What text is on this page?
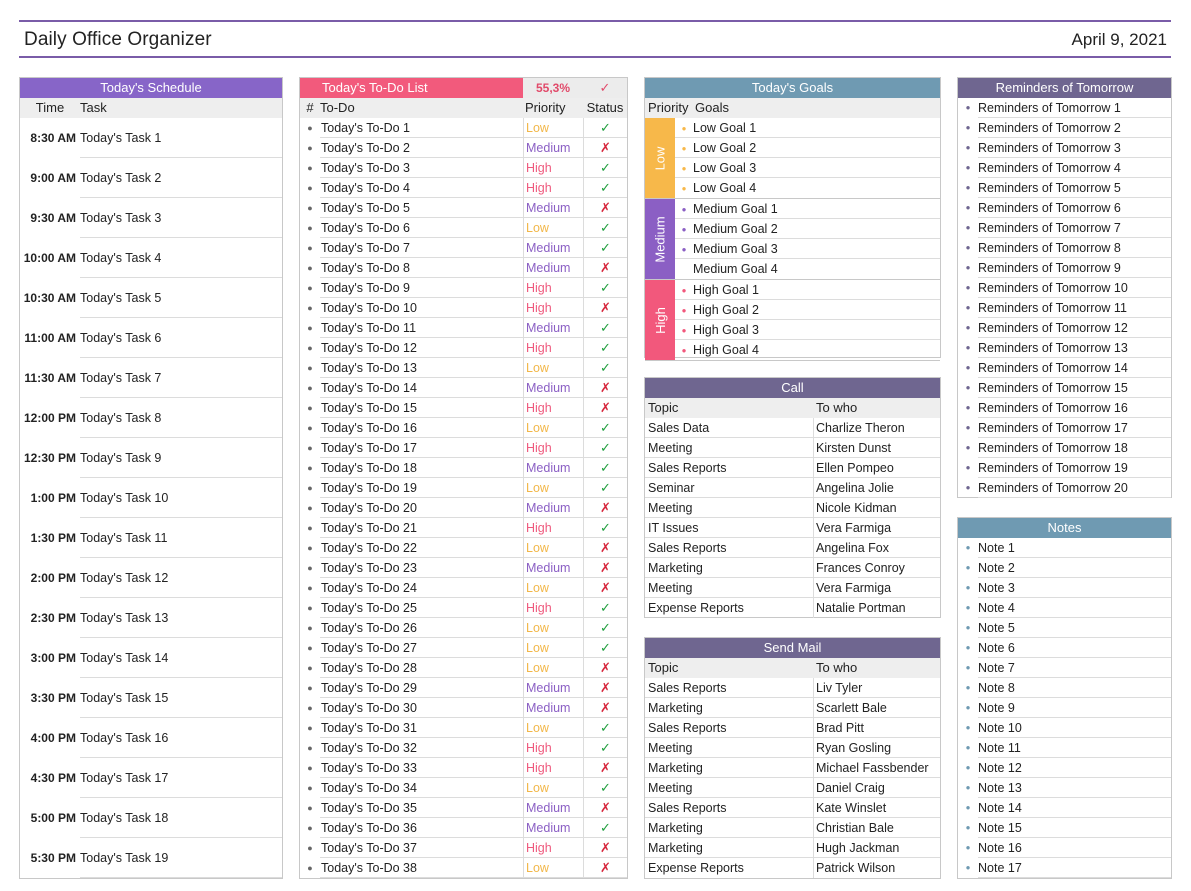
Daily Office Organizer	April 9, 2021
Today's Schedule
Time	Task
8:30 AM Today's Task 1
9:00 AM Today's Task 2
9:30 AM Today's Task 3
10:00 AM Today's Task 4
10:30 AM Today's Task 5
11:00 AM Today's Task 6
11:30 AM Today's Task 7
12:00 PM Today's Task 8
12:30 PM Today's Task 9
1:00 PM Today's Task 10
1:30 PM Today's Task 11
2:00 PM Today's Task 12
2:30 PM Today's Task 13
3:00 PM Today's Task 14
3:30 PM Today's Task 15
4:00 PM Today's Task 16
4:30 PM Today's Task 17
5:00 PM Today's Task 18
5:30 PM Today's Task 19
Today's To-Do List	55,3%	✓
# To-Do	Priority	Status
● Today's To-Do 1	Low	✓
● Today's To-Do 2	Medium	✗
● Today's To-Do 3	High	✓
● Today's To-Do 4	High	✓
● Today's To-Do 5	Medium	✗
● Today's To-Do 6	Low	✓
● Today's To-Do 7	Medium	✓
● Today's To-Do 8	Medium	✗
● Today's To-Do 9	High	✓
● Today's To-Do 10	High	✗
● Today's To-Do 11	Medium	✓
● Today's To-Do 12	High	✓
● Today's To-Do 13	Low	✓
● Today's To-Do 14	Medium	✗
● Today's To-Do 15	High	✗
● Today's To-Do 16	Low	✓
● Today's To-Do 17	High	✓
● Today's To-Do 18	Medium	✓
● Today's To-Do 19	Low	✓
● Today's To-Do 20	Medium	✗
● Today's To-Do 21	High	✓
● Today's To-Do 22	Low	✗
● Today's To-Do 23	Medium	✗
● Today's To-Do 24	Low	✗
● Today's To-Do 25	High	✓
● Today's To-Do 26	Low	✓
● Today's To-Do 27	Low	✓
● Today's To-Do 28	Low	✗
● Today's To-Do 29	Medium	✗
● Today's To-Do 30	Medium	✗
● Today's To-Do 31	Low	✓
● Today's To-Do 32	High	✓
● Today's To-Do 33	High	✗
● Today's To-Do 34	Low	✓
● Today's To-Do 35	Medium	✗
● Today's To-Do 36	Medium	✓
● Today's To-Do 37	High	✗
● Today's To-Do 38	Low	✗
Today's Goals
Priority Goals
Low
● Low Goal 1
● Low Goal 2
● Low Goal 3
● Low Goal 4
Medium
● Medium Goal 1
● Medium Goal 2
● Medium Goal 3
Medium Goal 4
High
● High Goal 1
● High Goal 2
● High Goal 3
● High Goal 4
Call
Topic	To who
Sales Data	Charlize Theron
Meeting	Kirsten Dunst
Sales Reports	Ellen Pompeo
Seminar	Angelina Jolie
Meeting	Nicole Kidman
IT Issues	Vera Farmiga
Sales Reports	Angelina Fox
Marketing	Frances Conroy
Meeting	Vera Farmiga
Expense Reports	Natalie Portman
Send Mail
Topic	To who
Sales Reports	Liv Tyler
Marketing	Scarlett Bale
Sales Reports	Brad Pitt
Meeting	Ryan Gosling
Marketing	Michael Fassbender
Meeting	Daniel Craig
Sales Reports	Kate Winslet
Marketing	Christian Bale
Marketing	Hugh Jackman
Expense Reports	Patrick Wilson
Reminders of Tomorrow
● Reminders of Tomorrow 1
● Reminders of Tomorrow 2
● Reminders of Tomorrow 3
● Reminders of Tomorrow 4
● Reminders of Tomorrow 5
● Reminders of Tomorrow 6
● Reminders of Tomorrow 7
● Reminders of Tomorrow 8
● Reminders of Tomorrow 9
● Reminders of Tomorrow 10
● Reminders of Tomorrow 11
● Reminders of Tomorrow 12
● Reminders of Tomorrow 13
● Reminders of Tomorrow 14
● Reminders of Tomorrow 15
● Reminders of Tomorrow 16
● Reminders of Tomorrow 17
● Reminders of Tomorrow 18
● Reminders of Tomorrow 19
● Reminders of Tomorrow 20
Notes
● Note 1
● Note 2
● Note 3
● Note 4
● Note 5
● Note 6
● Note 7
● Note 8
● Note 9
● Note 10
● Note 11
● Note 12
● Note 13
● Note 14
● Note 15
● Note 16
● Note 17
